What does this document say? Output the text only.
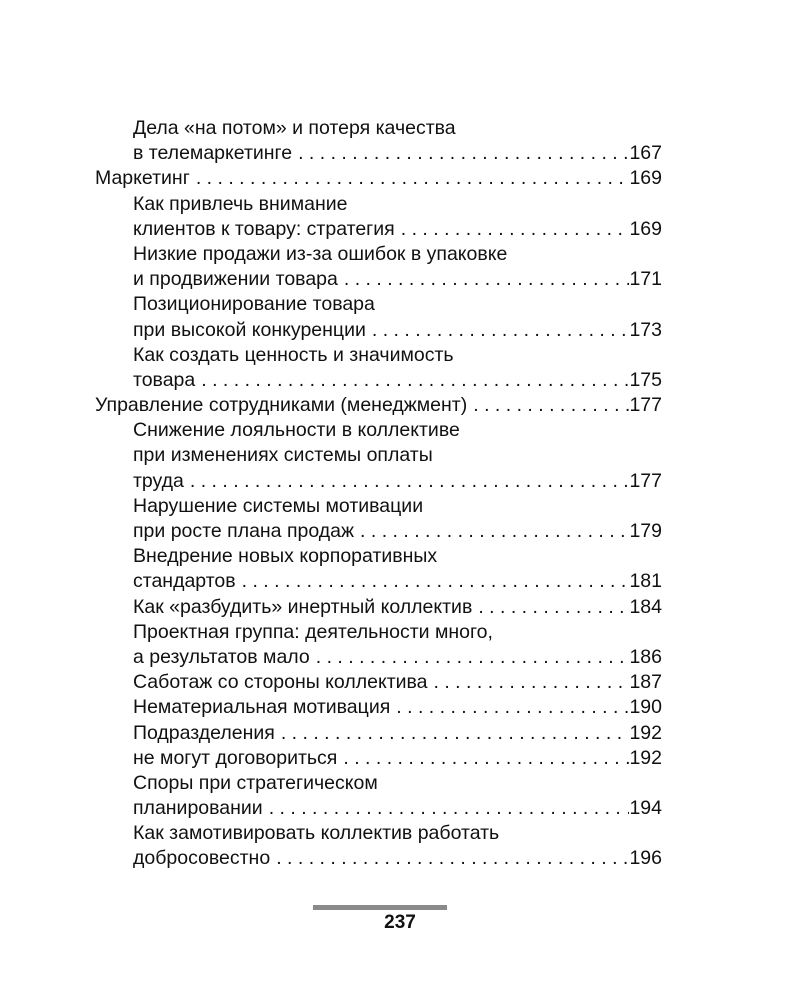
Дела «на потом» и потеря качества
в телемаркетинге . . .	167
Маркетинг . . .	169
Как привлечь внимание
клиентов к товару: стратегия . . .	169
Низкие продажи из-за ошибок в упаковке
и продвижении товара . . .	171
Позиционирование товара
при высокой конкуренции . . .	173
Как создать ценность и значимость
товара . . .	175
Управление сотрудниками (менеджмент) . . .	177
Снижение лояльности в коллективе
при изменениях системы оплаты
труда . . .	177
Нарушение системы мотивации
при росте плана продаж . . .	179
Внедрение новых корпоративных
стандартов . . .	181
Как «разбудить» инертный коллектив . . .	184
Проектная группа: деятельности много,
а результатов мало . . .	186
Саботаж со стороны коллектива . . .	187
Нематериальная мотивация . . .	190
Подразделения . . .	192
не могут договориться . . .	192
Споры при стратегическом
планировании . . .	194
Как замотивировать коллектив работать
добросовестно . . .	196
237
